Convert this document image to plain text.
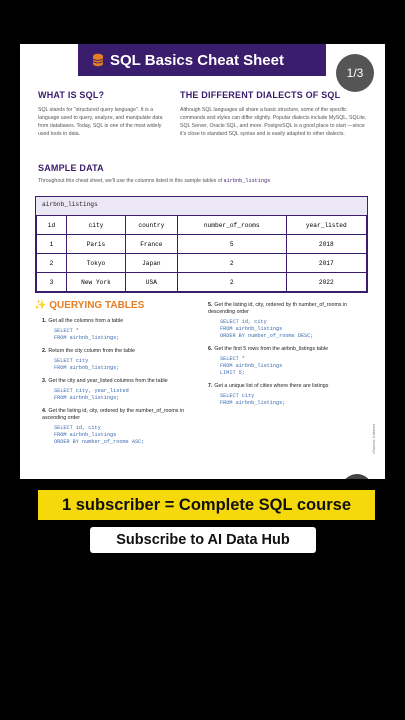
SQL Basics Cheat Sheet
1/3
WHAT IS SQL?
SQL stands for "structured query language". It is a language used to query, analyze, and manipulate data from databases. Today, SQL is one of the most widely used tools in data.
THE DIFFERENT DIALECTS OF SQL
Although SQL languages all share a basic structure, some of the specific commands and styles can differ slightly. Popular dialects include MySQL, SQLite, SQL Server, Oracle SQL, and more. PostgreSQL is a good place to start —since it's close to standard SQL syntax and is easily adapted to other dialects.
SAMPLE DATA
Throughout this cheat sheet, we'll use the columns listed in this sample tables of airbnb_listings
airbnb_listings
id	city	country	number_of_rooms	year_listed
1	Paris	France	5	2018
2	Tokyo	Japan	2	2017
3	New York	USA	2	2022
✨ QUERYING TABLES
1. Get all the columns from a table
SELECT *
FROM airbnb_listings;
2. Return the city column from the table
SELECT city
FROM airbnb_listings;
3. Get the city and year_listed columns from the table
SELECT city, year_listed
FROM airbnb_listings;
4. Get the listing id, city, ordered by the number_of_rooms in ascending order
SELECT id, city
FROM airbnb_listings
ORDER BY number_of_rooms ASC;
5. Get the listing id, city, ordered by th number_of_rooms in descending order
SELECT id, city
FROM airbnb_listings
ORDER BY number_of_rooms DESC;
6. Get the first 5 rows from the airbnb_listings table
SELECT *
FROM airbnb_listings
LIMIT 5;
7. Get a unique list of cities where there are listings
SELECT city
FROM airbnb_listings;
•Source: Internet
1 subscriber = Complete SQL course
Subscribe to AI Data Hub
